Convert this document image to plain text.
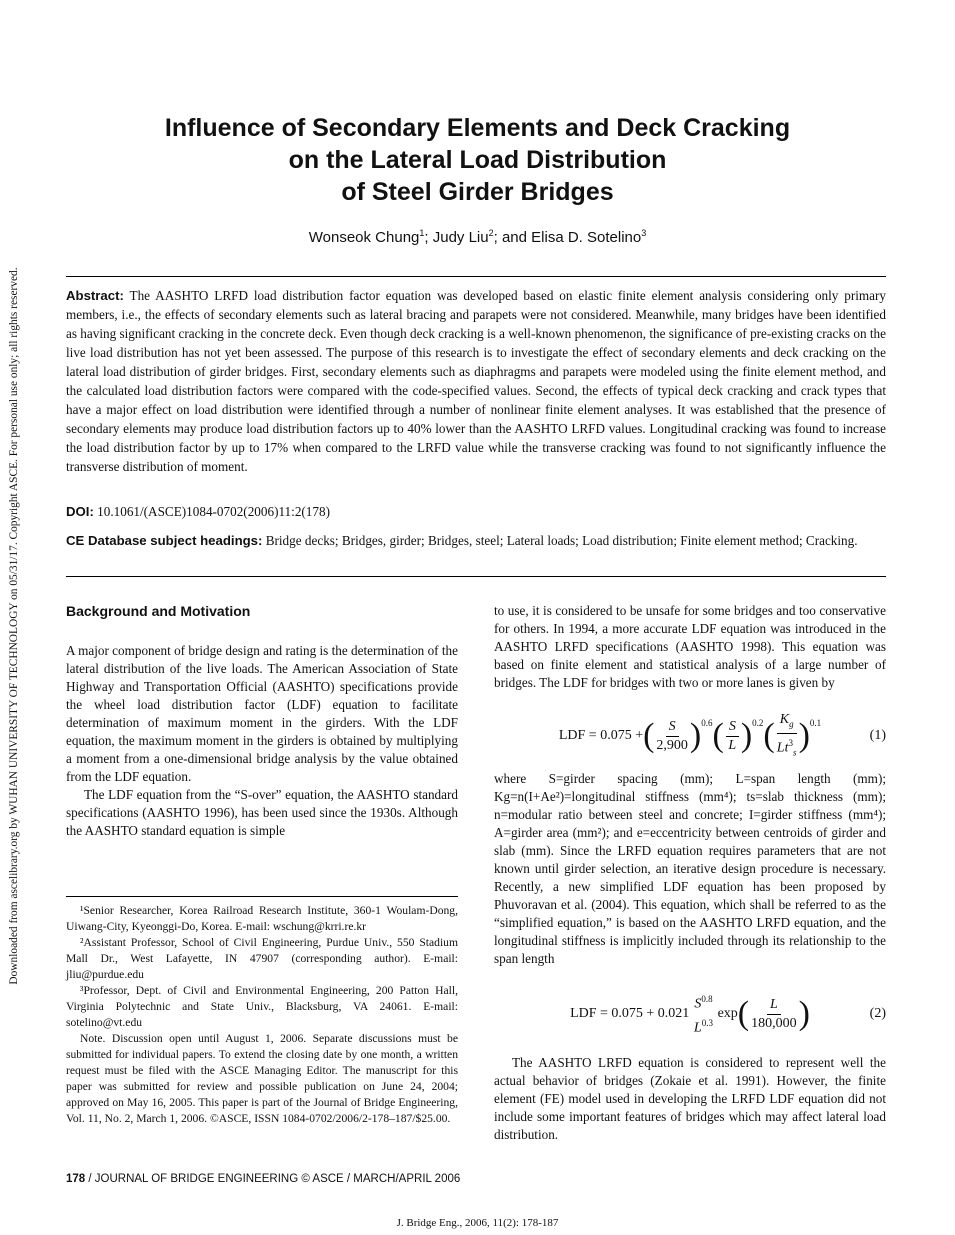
Downloaded from ascelibrary.org by WUHAN UNIVERSITY OF TECHNOLOGY on 05/31/17. Copyright ASCE. For personal use only; all rights reserved.
Influence of Secondary Elements and Deck Cracking
on the Lateral Load Distribution
of Steel Girder Bridges
Wonseok Chung$^1$; Judy Liu$^2$; and Elisa D. Sotelino$^3$
Abstract: The AASHTO LRFD load distribution factor equation was developed based on elastic finite element analysis considering only primary members, i.e., the effects of secondary elements such as lateral bracing and parapets were not considered. Meanwhile, many bridges have been identified as having significant cracking in the concrete deck. Even though deck cracking is a well-known phenomenon, the significance of pre-existing cracks on the live load distribution has not yet been assessed. The purpose of this research is to investigate the effect of secondary elements and deck cracking on the lateral load distribution of girder bridges. First, secondary elements such as diaphragms and parapets were modeled using the finite element method, and the calculated load distribution factors were compared with the code-specified values. Second, the effects of typical deck cracking and crack types that have a major effect on load distribution were identified through a number of nonlinear finite element analyses. It was established that the presence of secondary elements may produce load distribution factors up to 40% lower than the AASHTO LRFD values. Longitudinal cracking was found to increase the load distribution factor by up to 17% when compared to the LRFD value while the transverse cracking was found to not significantly influence the transverse distribution of moment.
DOI: 10.1061/(ASCE)1084-0702(2006)11:2(178)
CE Database subject headings: Bridge decks; Bridges, girder; Bridges, steel; Lateral loads; Load distribution; Finite element method; Cracking.
Background and Motivation

A major component of bridge design and rating is the determination of the lateral distribution of the live loads. The American Association of State Highway and Transportation Official (AASHTO) specifications provide the wheel load distribution factor (LDF) equation to facilitate determination of maximum moment in the girders. With the LDF equation, the maximum moment in the girders is obtained by multiplying a moment from a one-dimensional bridge analysis by the value obtained from the LDF equation.

The LDF equation from the “S-over” equation, the AASHTO standard specifications (AASHTO 1996), has been used since the 1930s. Although the AASHTO standard equation is simple

¹Senior Researcher, Korea Railroad Research Institute, 360-1 Woulam-Dong, Uiwang-City, Kyeonggi-Do, Korea. E-mail: wschung@krri.re.kr

²Assistant Professor, School of Civil Engineering, Purdue Univ., 550 Stadium Mall Dr., West Lafayette, IN 47907 (corresponding author). E-mail: jliu@purdue.edu

³Professor, Dept. of Civil and Environmental Engineering, 200 Patton Hall, Virginia Polytechnic and State Univ., Blacksburg, VA 24061. E-mail: sotelino@vt.edu

Note. Discussion open until August 1, 2006. Separate discussions must be submitted for individual papers. To extend the closing date by one month, a written request must be filed with the ASCE Managing Editor. The manuscript for this paper was submitted for review and possible publication on June 24, 2004; approved on May 16, 2005. This paper is part of the Journal of Bridge Engineering, Vol. 11, No. 2, March 1, 2006. ©ASCE, ISSN 1084-0702/2006/2-178–187/$25.00.

to use, it is considered to be unsafe for some bridges and too conservative for others. In 1994, a more accurate LDF equation was introduced in the AASHTO LRFD specifications (AASHTO 1998). This equation was based on finite element and statistical analysis of a large number of bridges. The LDF for bridges with two or more lanes is given by

LDF = 0.075 + ( $\frac{S}{2,900} )^{0.6}$ ( $\frac{S}{L} )^{0.2}$ ( $\frac{K_g}{Lt^3_s} )^{0.1}$
(1)

where S=girder spacing (mm); L=span length (mm); Kg=n(I+Ae²)=longitudinal stiffness (mm⁴); ts=slab thickness (mm); n=modular ratio between steel and concrete; I=girder stiffness (mm⁴); A=girder area (mm²); and e=eccentricity between centroids of girder and slab (mm). Since the LRFD equation requires parameters that are not known until girder selection, an iterative design procedure is necessary. Recently, a new simplified LDF equation has been proposed by Phuvoravan et al. (2004). This equation, which shall be referred to as the “simplified equation,” is based on the AASHTO LRFD equation, and the longitudinal stiffness is implicitly included through its relationship to the span length

LDF = 0.075 + 0.021
$S^{0.8}$
$L^{0.3}$
exp ( $\frac{L}{180,000}$ )	(2)

The AASHTO LRFD equation is considered to represent well the actual behavior of bridges (Zokaie et al. 1991). However, the finite element (FE) model used in developing the LRFD LDF equation did not include some important features of bridges which may affect lateral load distribution.

178 / JOURNAL OF BRIDGE ENGINEERING © ASCE / MARCH/APRIL 2006
J. Bridge Eng., 2006, 11(2): 178-187
